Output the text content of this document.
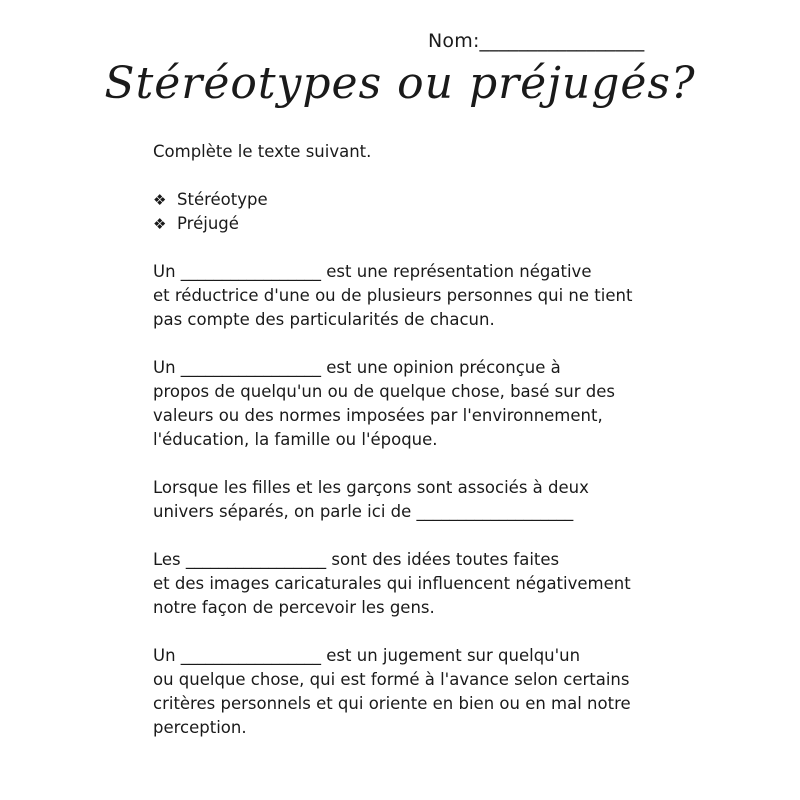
Nom:_________________
Stéréotypes ou préjugés?

Complète le texte suivant.

❖ Stéréotype
❖ Préjugé

Un _________________ est une représentation négative
et réductrice d'une ou de plusieurs personnes qui ne tient
pas compte des particularités de chacun.

Un _________________ est une opinion préconçue à
propos de quelqu'un ou de quelque chose, basé sur des
valeurs ou des normes imposées par l'environnement,
l'éducation, la famille ou l'époque.

Lorsque les filles et les garçons sont associés à deux
univers séparés, on parle ici de ___________________

Les _________________ sont des idées toutes faites
et des images caricaturales qui influencent négativement
notre façon de percevoir les gens.

Un _________________ est un jugement sur quelqu'un
ou quelque chose, qui est formé à l'avance selon certains
critères personnels et qui oriente en bien ou en mal notre
perception.
